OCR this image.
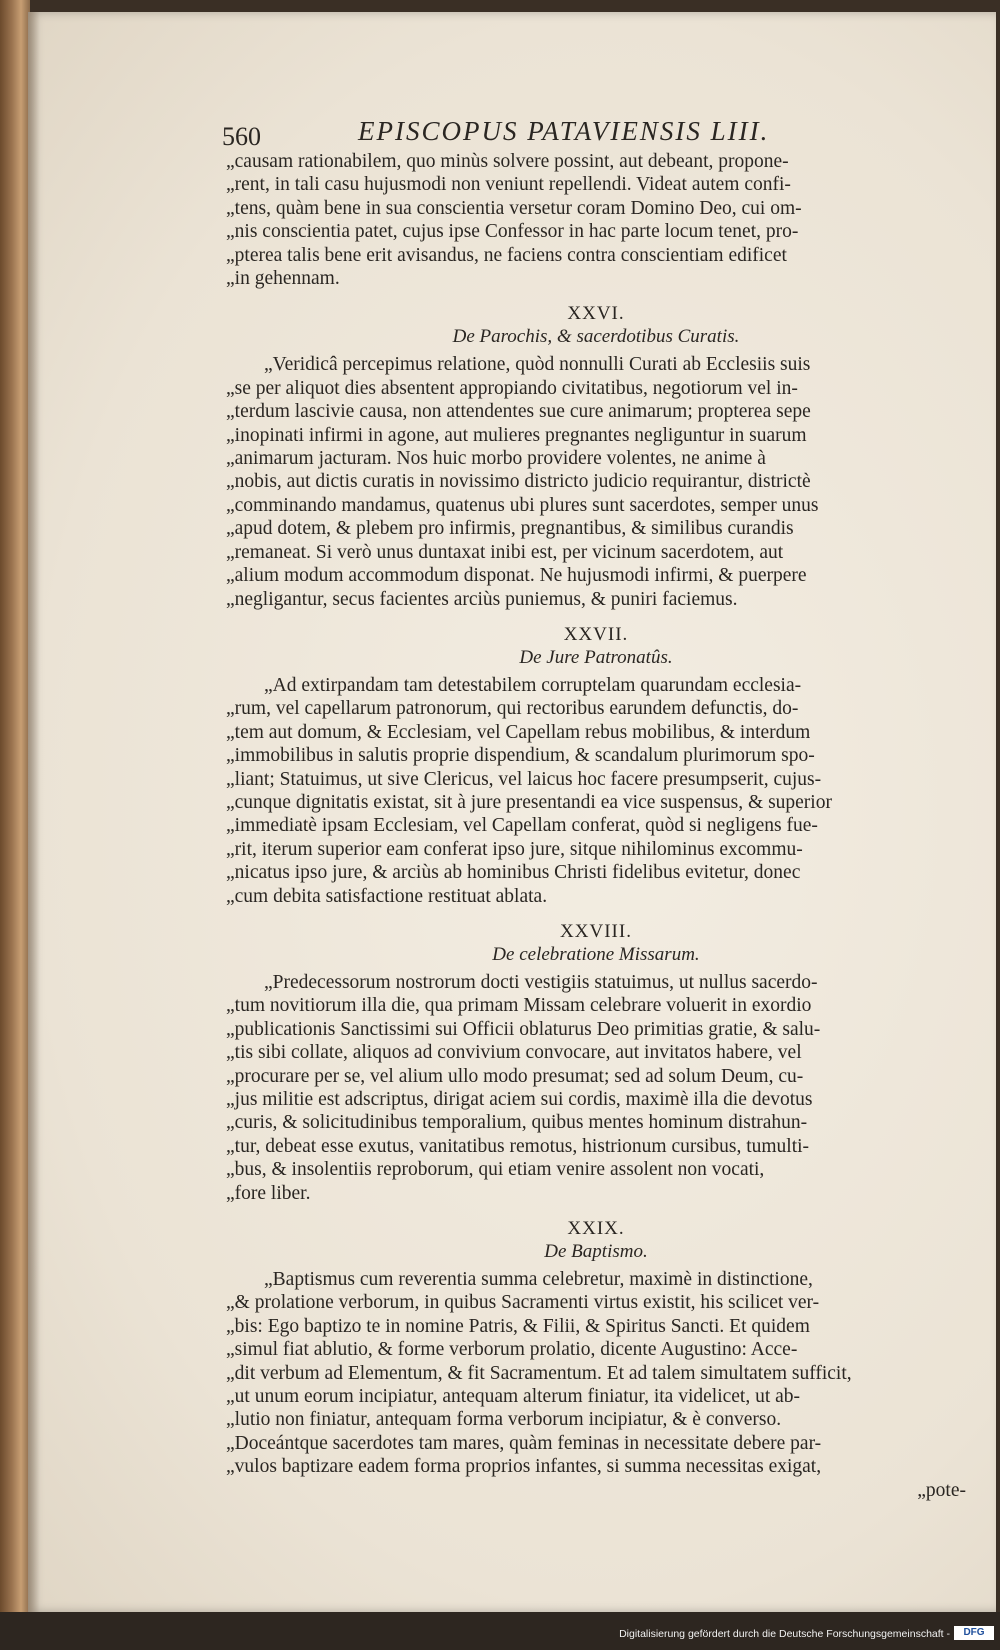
560	EPISCOPUS PATAVIENSIS LIII.
„causam rationabilem, quo minùs solvere possint, aut debeant, propone-
„rent, in tali casu hujusmodi non veniunt repellendi. Videat autem confi-
„tens, quàm bene in sua conscientia versetur coram Domino Deo, cui om-
„nis conscientia patet, cujus ipse Confessor in hac parte locum tenet, pro-
„pterea talis bene erit avisandus, ne faciens contra conscientiam edificet
„in gehennam.
XXVI.
De Parochis, & sacerdotibus Curatis.
„Veridicâ percepimus relatione, quòd nonnulli Curati ab Ecclesiis suis
„se per aliquot dies absentent appropiando civitatibus, negotiorum vel in-
„terdum lascivie causa, non attendentes sue cure animarum; propterea sepe
„inopinati infirmi in agone, aut mulieres pregnantes negliguntur in suarum
„animarum jacturam. Nos huic morbo providere volentes, ne anime à
„nobis, aut dictis curatis in novissimo districto judicio requirantur, districtè
„comminando mandamus, quatenus ubi plures sunt sacerdotes, semper unus
„apud dotem, & plebem pro infirmis, pregnantibus, & similibus curandis
„remaneat. Si verò unus duntaxat inibi est, per vicinum sacerdotem, aut
„alium modum accommodum disponat. Ne hujusmodi infirmi, & puerpere
„negligantur, secus facientes arciùs puniemus, & puniri faciemus.
XXVII.
De Jure Patronatûs.
„Ad extirpandam tam detestabilem corruptelam quarundam ecclesia-
„rum, vel capellarum patronorum, qui rectoribus earundem defunctis, do-
„tem aut domum, & Ecclesiam, vel Capellam rebus mobilibus, & interdum
„immobilibus in salutis proprie dispendium, & scandalum plurimorum spo-
„liant; Statuimus, ut sive Clericus, vel laicus hoc facere presumpserit, cujus-
„cunque dignitatis existat, sit à jure presentandi ea vice suspensus, & superior
„immediatè ipsam Ecclesiam, vel Capellam conferat, quòd si negligens fue-
„rit, iterum superior eam conferat ipso jure, sitque nihilominus excommu-
„nicatus ipso jure, & arciùs ab hominibus Christi fidelibus evitetur, donec
„cum debita satisfactione restituat ablata.
XXVIII.
De celebratione Missarum.
„Predecessorum nostrorum docti vestigiis statuimus, ut nullus sacerdo-
„tum novitiorum illa die, qua primam Missam celebrare voluerit in exordio
„publicationis Sanctissimi sui Officii oblaturus Deo primitias gratie, & salu-
„tis sibi collate, aliquos ad convivium convocare, aut invitatos habere, vel
„procurare per se, vel alium ullo modo presumat; sed ad solum Deum, cu-
„jus militie est adscriptus, dirigat aciem sui cordis, maximè illa die devotus
„curis, & solicitudinibus temporalium, quibus mentes hominum distrahun-
„tur, debeat esse exutus, vanitatibus remotus, histrionum cursibus, tumulti-
„bus, & insolentiis reproborum, qui etiam venire assolent non vocati,
„fore liber.
XXIX.
De Baptismo.
„Baptismus cum reverentia summa celebretur, maximè in distinctione,
„& prolatione verborum, in quibus Sacramenti virtus existit, his scilicet ver-
„bis: Ego baptizo te in nomine Patris, & Filii, & Spiritus Sancti. Et quidem
„simul fiat ablutio, & forme verborum prolatio, dicente Augustino: Acce-
„dit verbum ad Elementum, & fit Sacramentum. Et ad talem simultatem sufficit,
„ut unum eorum incipiatur, antequam alterum finiatur, ita videlicet, ut ab-
„lutio non finiatur, antequam forma verborum incipiatur, & è converso.
„Doceántque sacerdotes tam mares, quàm feminas in necessitate debere par-
„vulos baptizare eadem forma proprios infantes, si summa necessitas exigat,
„pote-
Digitalisierung gefördert durch die Deutsche Forschungsgemeinschaft -	DFG
